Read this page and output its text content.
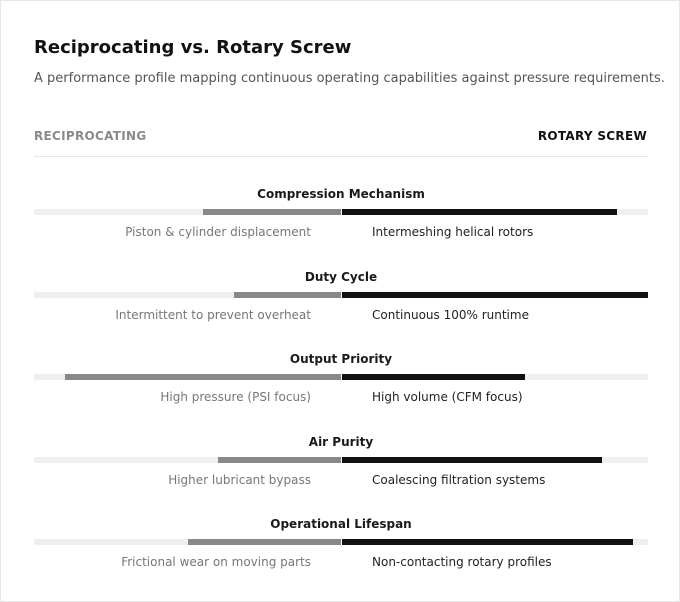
Reciprocating vs. Rotary Screw

A performance profile mapping continuous operating capabilities against pressure requirements.

RECIPROCATING	ROTARY SCREW
Compression Mechanism
Piston & cylinder displacement	Intermeshing helical rotors
Duty Cycle
Intermittent to prevent overheat	Continuous 100% runtime
Output Priority
High pressure (PSI focus)	High volume (CFM focus)
Air Purity
Higher lubricant bypass	Coalescing filtration systems
Operational Lifespan
Frictional wear on moving parts	Non-contacting rotary profiles
